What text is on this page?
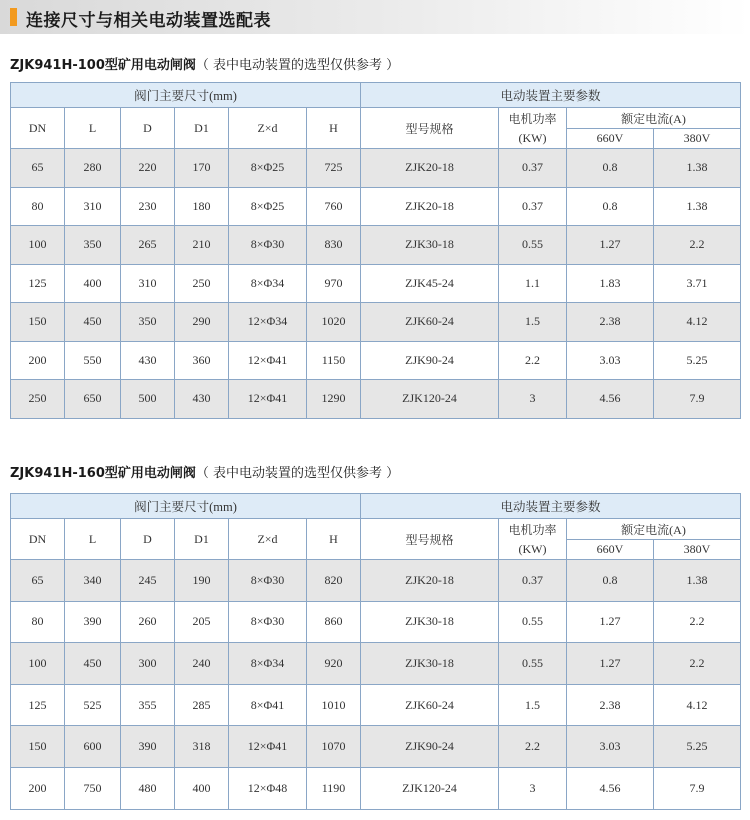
连接尺寸与相关电动装置选配表
ZJK941H-100型矿用电动闸阀（ 表中电动装置的选型仅供参考 ）
阀门主要尺寸(mm)						电动装置主要参数			
DN	L	D	D1	Z×d	H	型号规格	电机功率	额定电流(A)	
							(KW)	660V	380V
65	280	220	170	8×Φ25	725	ZJK20-18	0.37	0.8	1.38
80	310	230	180	8×Φ25	760	ZJK20-18	0.37	0.8	1.38
100	350	265	210	8×Φ30	830	ZJK30-18	0.55	1.27	2.2
125	400	310	250	8×Φ34	970	ZJK45-24	1.1	1.83	3.71
150	450	350	290	12×Φ34	1020	ZJK60-24	1.5	2.38	4.12
200	550	430	360	12×Φ41	1150	ZJK90-24	2.2	3.03	5.25
250	650	500	430	12×Φ41	1290	ZJK120-24	3	4.56	7.9
ZJK941H-160型矿用电动闸阀（ 表中电动装置的选型仅供参考 ）
阀门主要尺寸(mm)						电动装置主要参数			
DN	L	D	D1	Z×d	H	型号规格	电机功率	额定电流(A)	
							(KW)	660V	380V
65	340	245	190	8×Φ30	820	ZJK20-18	0.37	0.8	1.38
80	390	260	205	8×Φ30	860	ZJK30-18	0.55	1.27	2.2
100	450	300	240	8×Φ34	920	ZJK30-18	0.55	1.27	2.2
125	525	355	285	8×Φ41	1010	ZJK60-24	1.5	2.38	4.12
150	600	390	318	12×Φ41	1070	ZJK90-24	2.2	3.03	5.25
200	750	480	400	12×Φ48	1190	ZJK120-24	3	4.56	7.9
